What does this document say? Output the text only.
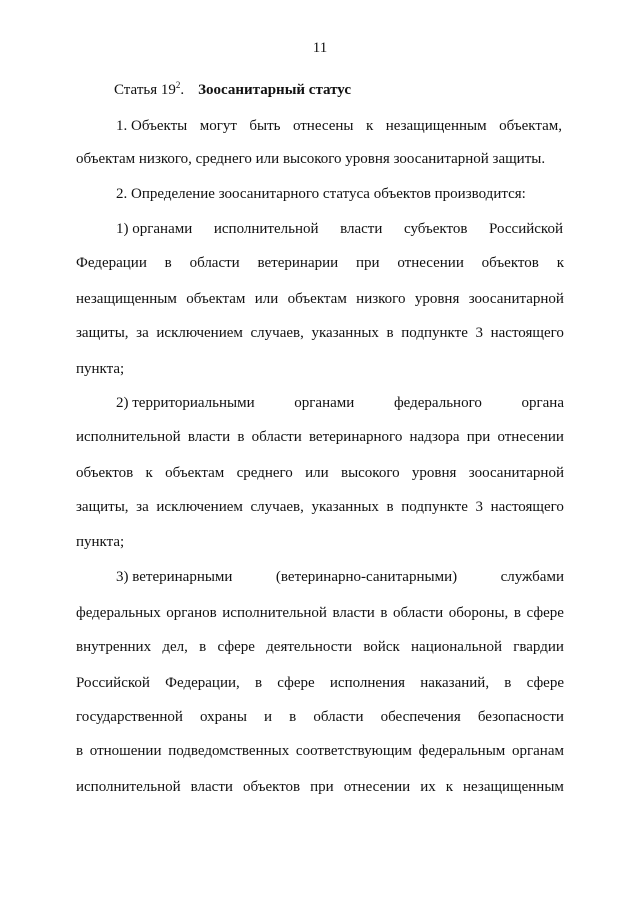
11
Статья $19^2$. Зоосанитарный статус
1. Объекты могут быть отнесены к незащищенным объектам,
объектам низкого, среднего или высокого уровня зоосанитарной защиты.
2. Определение зоосанитарного статуса объектов производится:
1) органами исполнительной власти субъектов Российской
Федерации в области ветеринарии при отнесении объектов к
незащищенным объектам или объектам низкого уровня зоосанитарной
защиты, за исключением случаев, указанных в подпункте 3 настоящего
пункта;
2) территориальными	органами	федерального	органа
исполнительной власти в области ветеринарного надзора при отнесении
объектов к объектам среднего или высокого уровня зоосанитарной
защиты, за исключением случаев, указанных в подпункте 3 настоящего
пункта;
3) ветеринарными	(ветеринарно-санитарными)	службами
федеральных органов исполнительной власти в области обороны, в сфере
внутренних дел, в сфере деятельности войск национальной гвардии
Российской Федерации, в сфере исполнения наказаний, в сфере
государственной охраны и в области обеспечения безопасности
в отношении подведомственных соответствующим федеральным органам
исполнительной власти объектов при отнесении их к незащищенным
